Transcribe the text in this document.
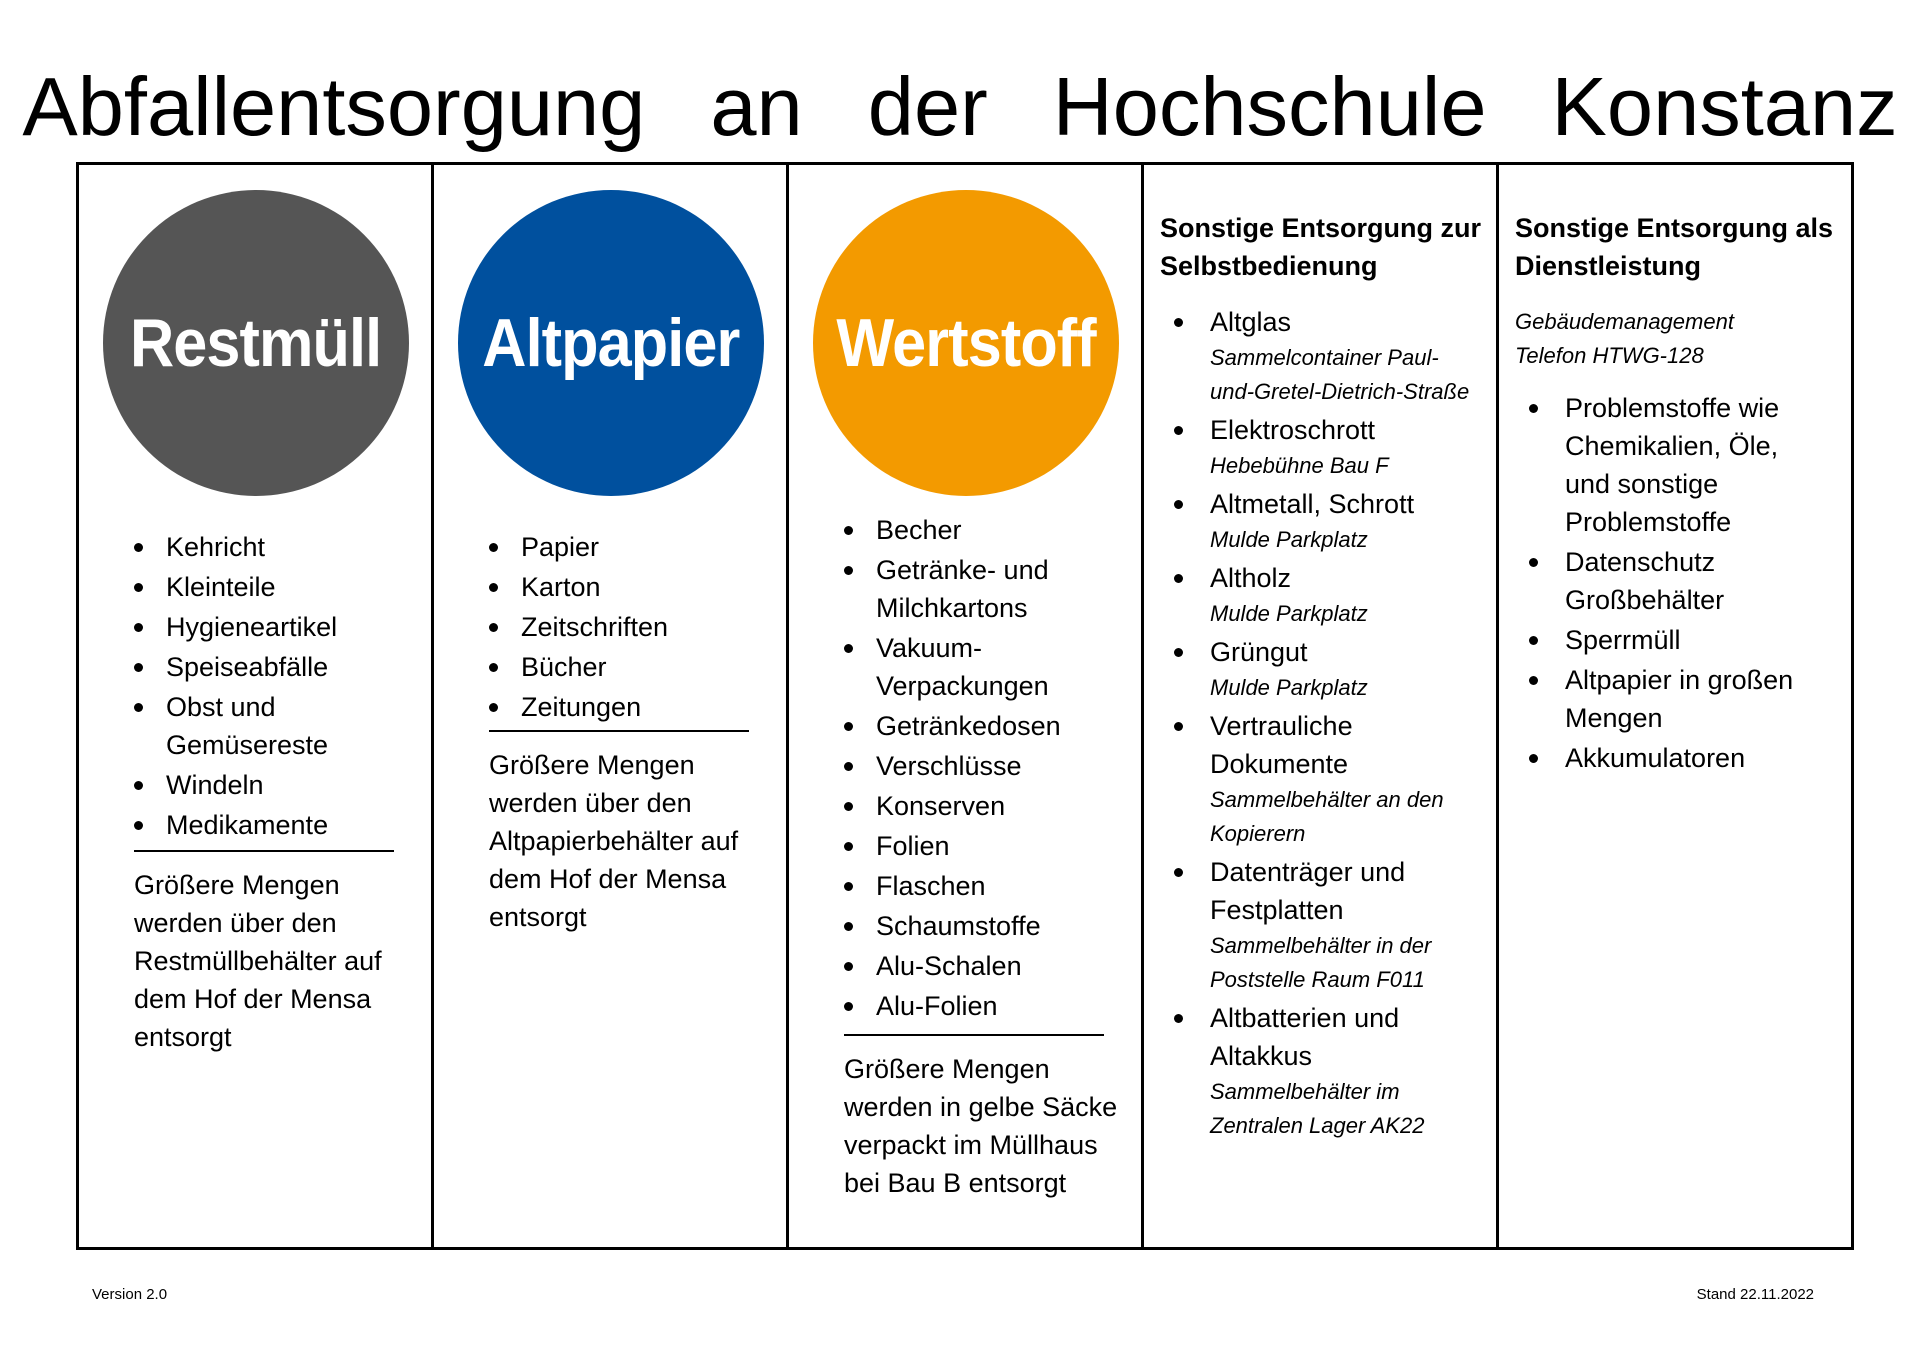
Abfallentsorgung an der Hochschule Konstanz
Restmüll
Kehricht
Kleinteile
Hygieneartikel
Speiseabfälle
Obst und Gemüsereste
Windeln
Medikamente
Größere Mengen werden über den Restmüllbehälter auf dem Hof der Mensa entsorgt
Altpapier
Papier
Karton
Zeitschriften
Bücher
Zeitungen
Größere Mengen werden über den Altpapierbehälter auf dem Hof der Mensa entsorgt
Wertstoff
Becher
Getränke- und Milchkartons
Vakuum-Verpackungen
Getränkedosen
Verschlüsse
Konserven
Folien
Flaschen
Schaumstoffe
Alu-Schalen
Alu-Folien
Größere Mengen werden in gelbe Säcke verpackt im Müllhaus bei Bau B entsorgt
Sonstige Entsorgung zur Selbstbedienung
Altglas
Sammelcontainer Paul-und-Gretel-Dietrich-Straße
Elektroschrott
Hebebühne Bau F
Altmetall, Schrott
Mulde Parkplatz
Altholz
Mulde Parkplatz
Grüngut
Mulde Parkplatz
Vertrauliche Dokumente
Sammelbehälter an den Kopierern
Datenträger und Festplatten
Sammelbehälter in der Poststelle Raum F011
Altbatterien und Altakkus
Sammelbehälter im Zentralen Lager AK22
Sonstige Entsorgung als Dienstleistung
Gebäudemanagement
Telefon HTWG-128
Problemstoffe wie Chemikalien, Öle, und sonstige Problemstoffe
Datenschutz Großbehälter
Sperrmüll
Altpapier in großen Mengen
Akkumulatoren
Version 2.0	Stand 22.11.2022
